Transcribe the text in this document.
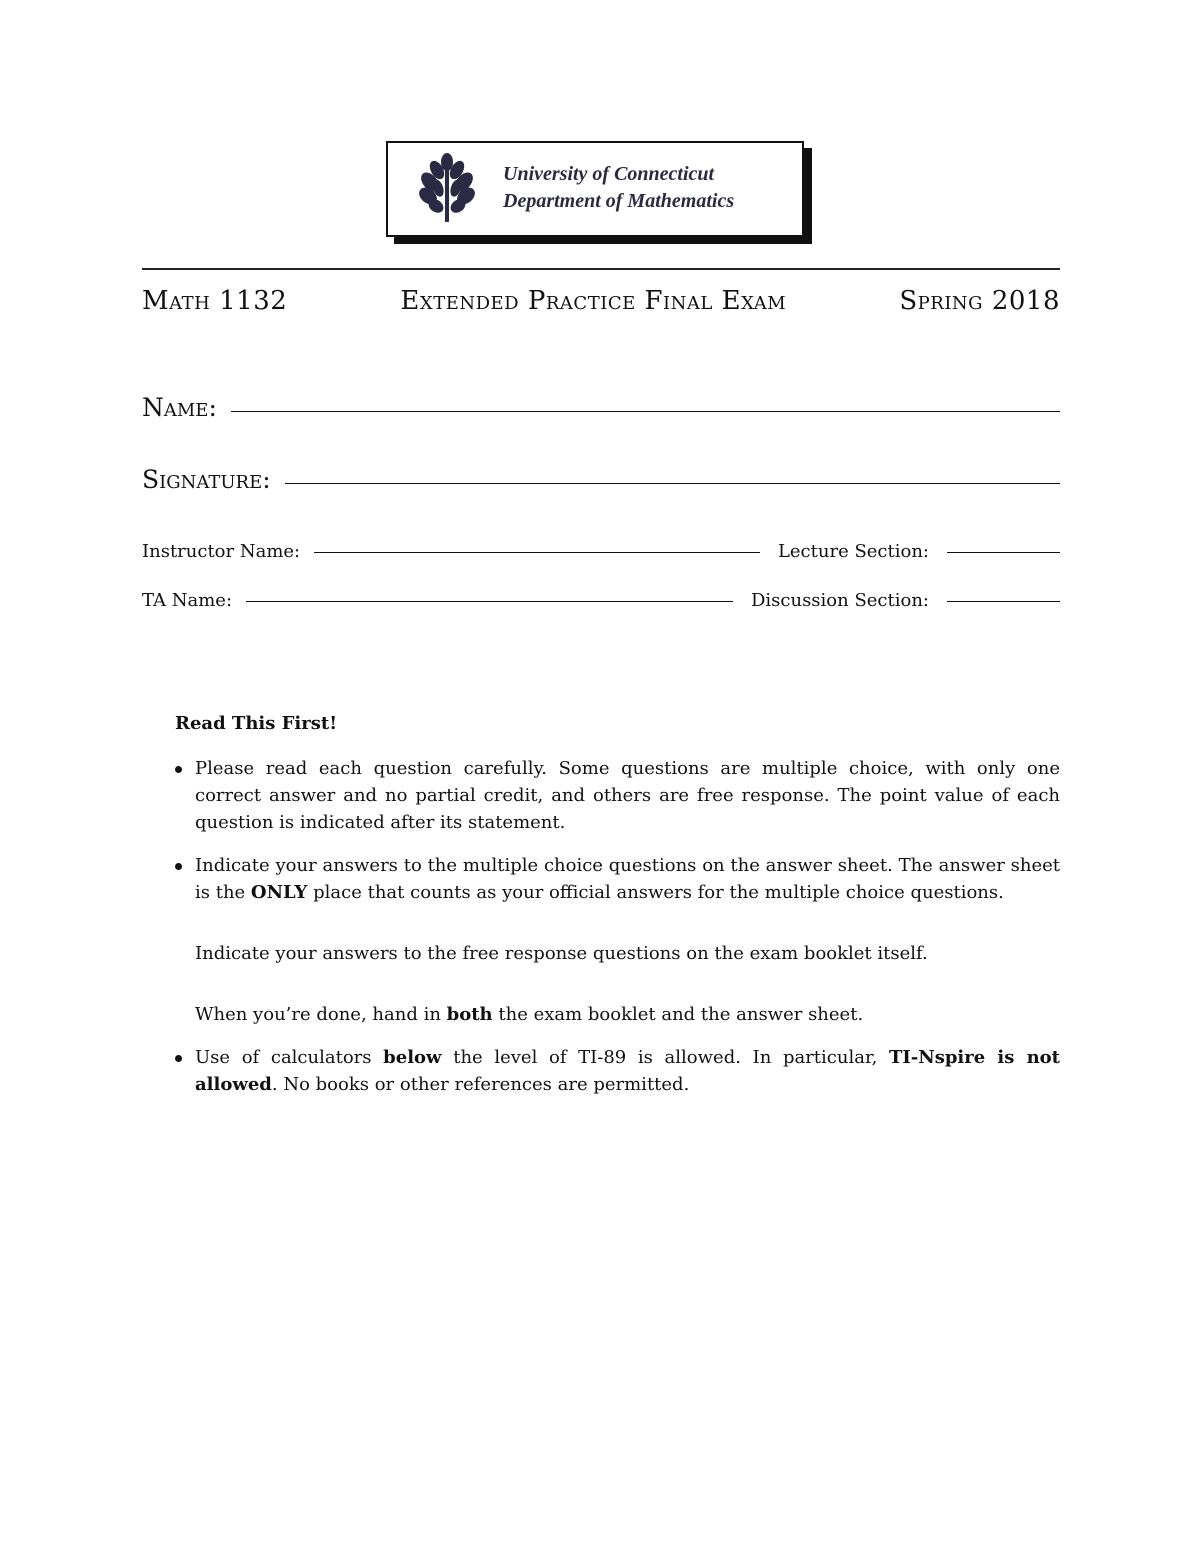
University of Connecticut
Department of Mathematics
Math 1132	Extended Practice Final Exam	Spring 2018
Name:
Signature:
Instructor Name:	Lecture Section:
TA Name:	Discussion Section:
Read This First!
Please read each question carefully. Some questions are multiple choice, with only one correct answer and no partial credit, and others are free response. The point value of each question is indicated after its statement.
Indicate your answers to the multiple choice questions on the answer sheet. The answer sheet is the ONLY place that counts as your official answers for the multiple choice questions.
Indicate your answers to the free response questions on the exam booklet itself.
When you’re done, hand in both the exam booklet and the answer sheet.
Use of calculators below the level of TI-89 is allowed. In particular, TI-Nspire is not allowed. No books or other references are permitted.
